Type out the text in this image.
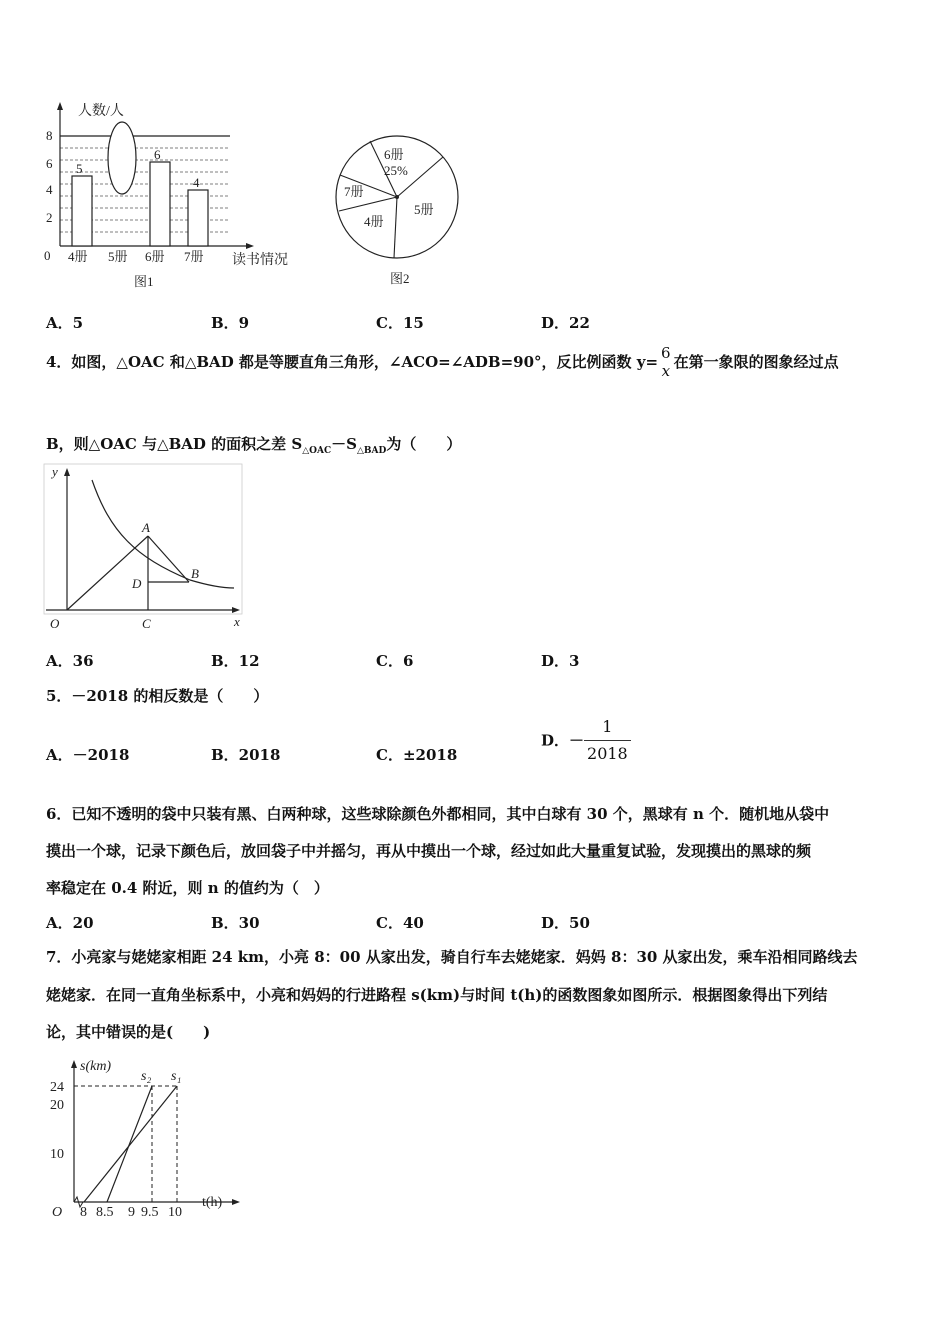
0
2
4
6
8
5
6
4
4册 5册 6册 7册
人数/人
读书情况
图1
6册
25%
7册
4册
5册
图2
A．5	B．9	C．15	D．22
4．如图，△OAC 和△BAD 都是等腰直角三角形，∠ACO=∠ADB=90°，反比例函数 y= 6
x 在第一象限的图象经过点
B，则△OAC 与△BAD 的面积之差 $S_{\triangle OAC}-S_{\triangle BAD}$为（　　）
y
A
B
D
O	C	x
A．36	B．12	C．6	D．3
5．－2018 的相反数是（　　）
A．－2018	B．2018	C．±2018
D．－ $\frac{1}{2018}$
6．已知不透明的袋中只装有黑、白两种球，这些球除颜色外都相同，其中白球有 30 个，黑球有 n 个．随机地从袋中
摸出一个球，记录下颜色后，放回袋子中并摇匀，再从中摸出一个球，经过如此大量重复试验，发现摸出的黑球的频
率稳定在 0.4 附近，则 n 的值约为（　）
A．20	B．30	C．40	D．50
7．小亮家与姥姥家相距 24 km，小亮 8：00 从家出发，骑自行车去姥姥家．妈妈 8：30 从家出发，乘车沿相同路线去
姥姥家．在同一直角坐标系中，小亮和妈妈的行进路程 s(km)与时间 t(h)的函数图象如图所示．根据图象得出下列结
论，其中错误的是(　　)
s(km)
t(h)
24
20
10
O 8 8.5 9 9.5 10
s₂ s₁
